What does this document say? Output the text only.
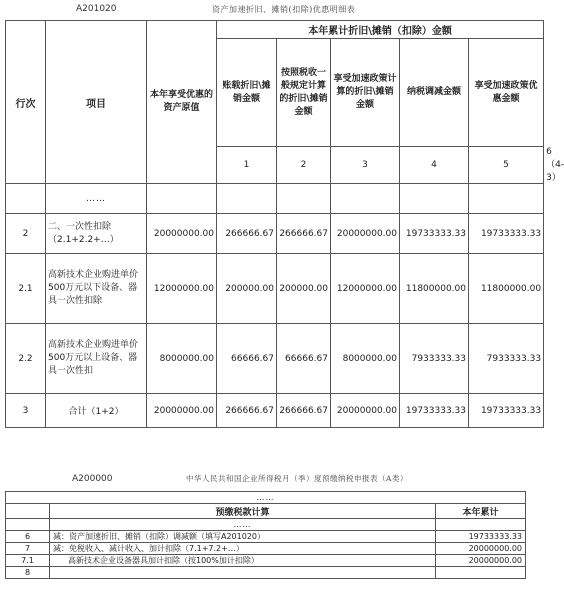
A201020	资产加速折旧、摊销(扣除)优惠明细表
行次	项目	本年享受优惠的资产原值	本年累计折旧\摊销（扣除）金额					
			账载折旧\摊销金额	按照税收一般规定计算的折旧\摊销金额	享受加速政策计算的折旧\摊销金额	纳税调减金额	享受加速政策优惠金额	
			1	2	3	4	5	6（4-3）
	……							
2	二、一次性扣除（2.1+2.2+…）	20000000.00	266666.67	266666.67	20000000.00	19733333.33	19733333.33	
2.1	高新技术企业购进单价500万元以下设备、器具一次性扣除	12000000.00	200000.00	200000.00	12000000.00	11800000.00	11800000.00	
2.2	高新技术企业购进单价500万元以上设备、器具一次性扣	8000000.00	66666.67	66666.67	8000000.00	7933333.33	7933333.33	
3	合计（1+2）	20000000.00	266666.67	266666.67	20000000.00	19733333.33	19733333.33	
A200000	中华人民共和国企业所得税月（季）度预缴纳税申报表（A类）
……		
	预缴税款计算	本年累计
	……	
6	减：资产加速折旧、摊销（扣除）调减额（填写A201020）	19733333.33
7	减：免税收入、减计收入、加计扣除（7.1+7.2+…）	20000000.00
7.1	高新技术企业设备器具加计扣除（按100%加计扣除）	20000000.00
8		
